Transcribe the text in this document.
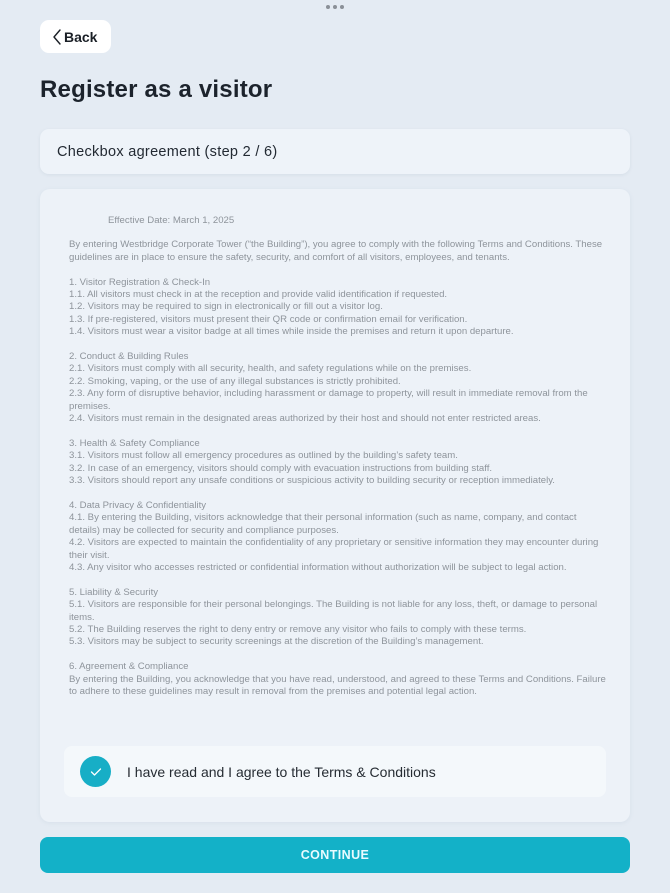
Back
Register as a visitor
Checkbox agreement (step 2 / 6)

Effective Date: March 1, 2025

By entering Westbridge Corporate Tower (“the Building”), you agree to comply with the following Terms and Conditions. These guidelines are in place to ensure the safety, security, and comfort of all visitors, employees, and tenants.

1. Visitor Registration & Check-In

1.1. All visitors must check in at the reception and provide valid identification if requested.

1.2. Visitors may be required to sign in electronically or fill out a visitor log.

1.3. If pre-registered, visitors must present their QR code or confirmation email for verification.

1.4. Visitors must wear a visitor badge at all times while inside the premises and return it upon departure.

2. Conduct & Building Rules

2.1. Visitors must comply with all security, health, and safety regulations while on the premises.

2.2. Smoking, vaping, or the use of any illegal substances is strictly prohibited.

2.3. Any form of disruptive behavior, including harassment or damage to property, will result in immediate removal from the premises.

2.4. Visitors must remain in the designated areas authorized by their host and should not enter restricted areas.

3. Health & Safety Compliance

3.1. Visitors must follow all emergency procedures as outlined by the building’s safety team.

3.2. In case of an emergency, visitors should comply with evacuation instructions from building staff.

3.3. Visitors should report any unsafe conditions or suspicious activity to building security or reception immediately.

4. Data Privacy & Confidentiality

4.1. By entering the Building, visitors acknowledge that their personal information (such as name, company, and contact details) may be collected for security and compliance purposes.

4.2. Visitors are expected to maintain the confidentiality of any proprietary or sensitive information they may encounter during their visit.

4.3. Any visitor who accesses restricted or confidential information without authorization will be subject to legal action.

5. Liability & Security

5.1. Visitors are responsible for their personal belongings. The Building is not liable for any loss, theft, or damage to personal items.

5.2. The Building reserves the right to deny entry or remove any visitor who fails to comply with these terms.

5.3. Visitors may be subject to security screenings at the discretion of the Building’s management.

6. Agreement & Compliance

By entering the Building, you acknowledge that you have read, understood, and agreed to these Terms and Conditions. Failure to adhere to these guidelines may result in removal from the premises and potential legal action.

I have read and I agree to the Terms & Conditions
CONTINUE
